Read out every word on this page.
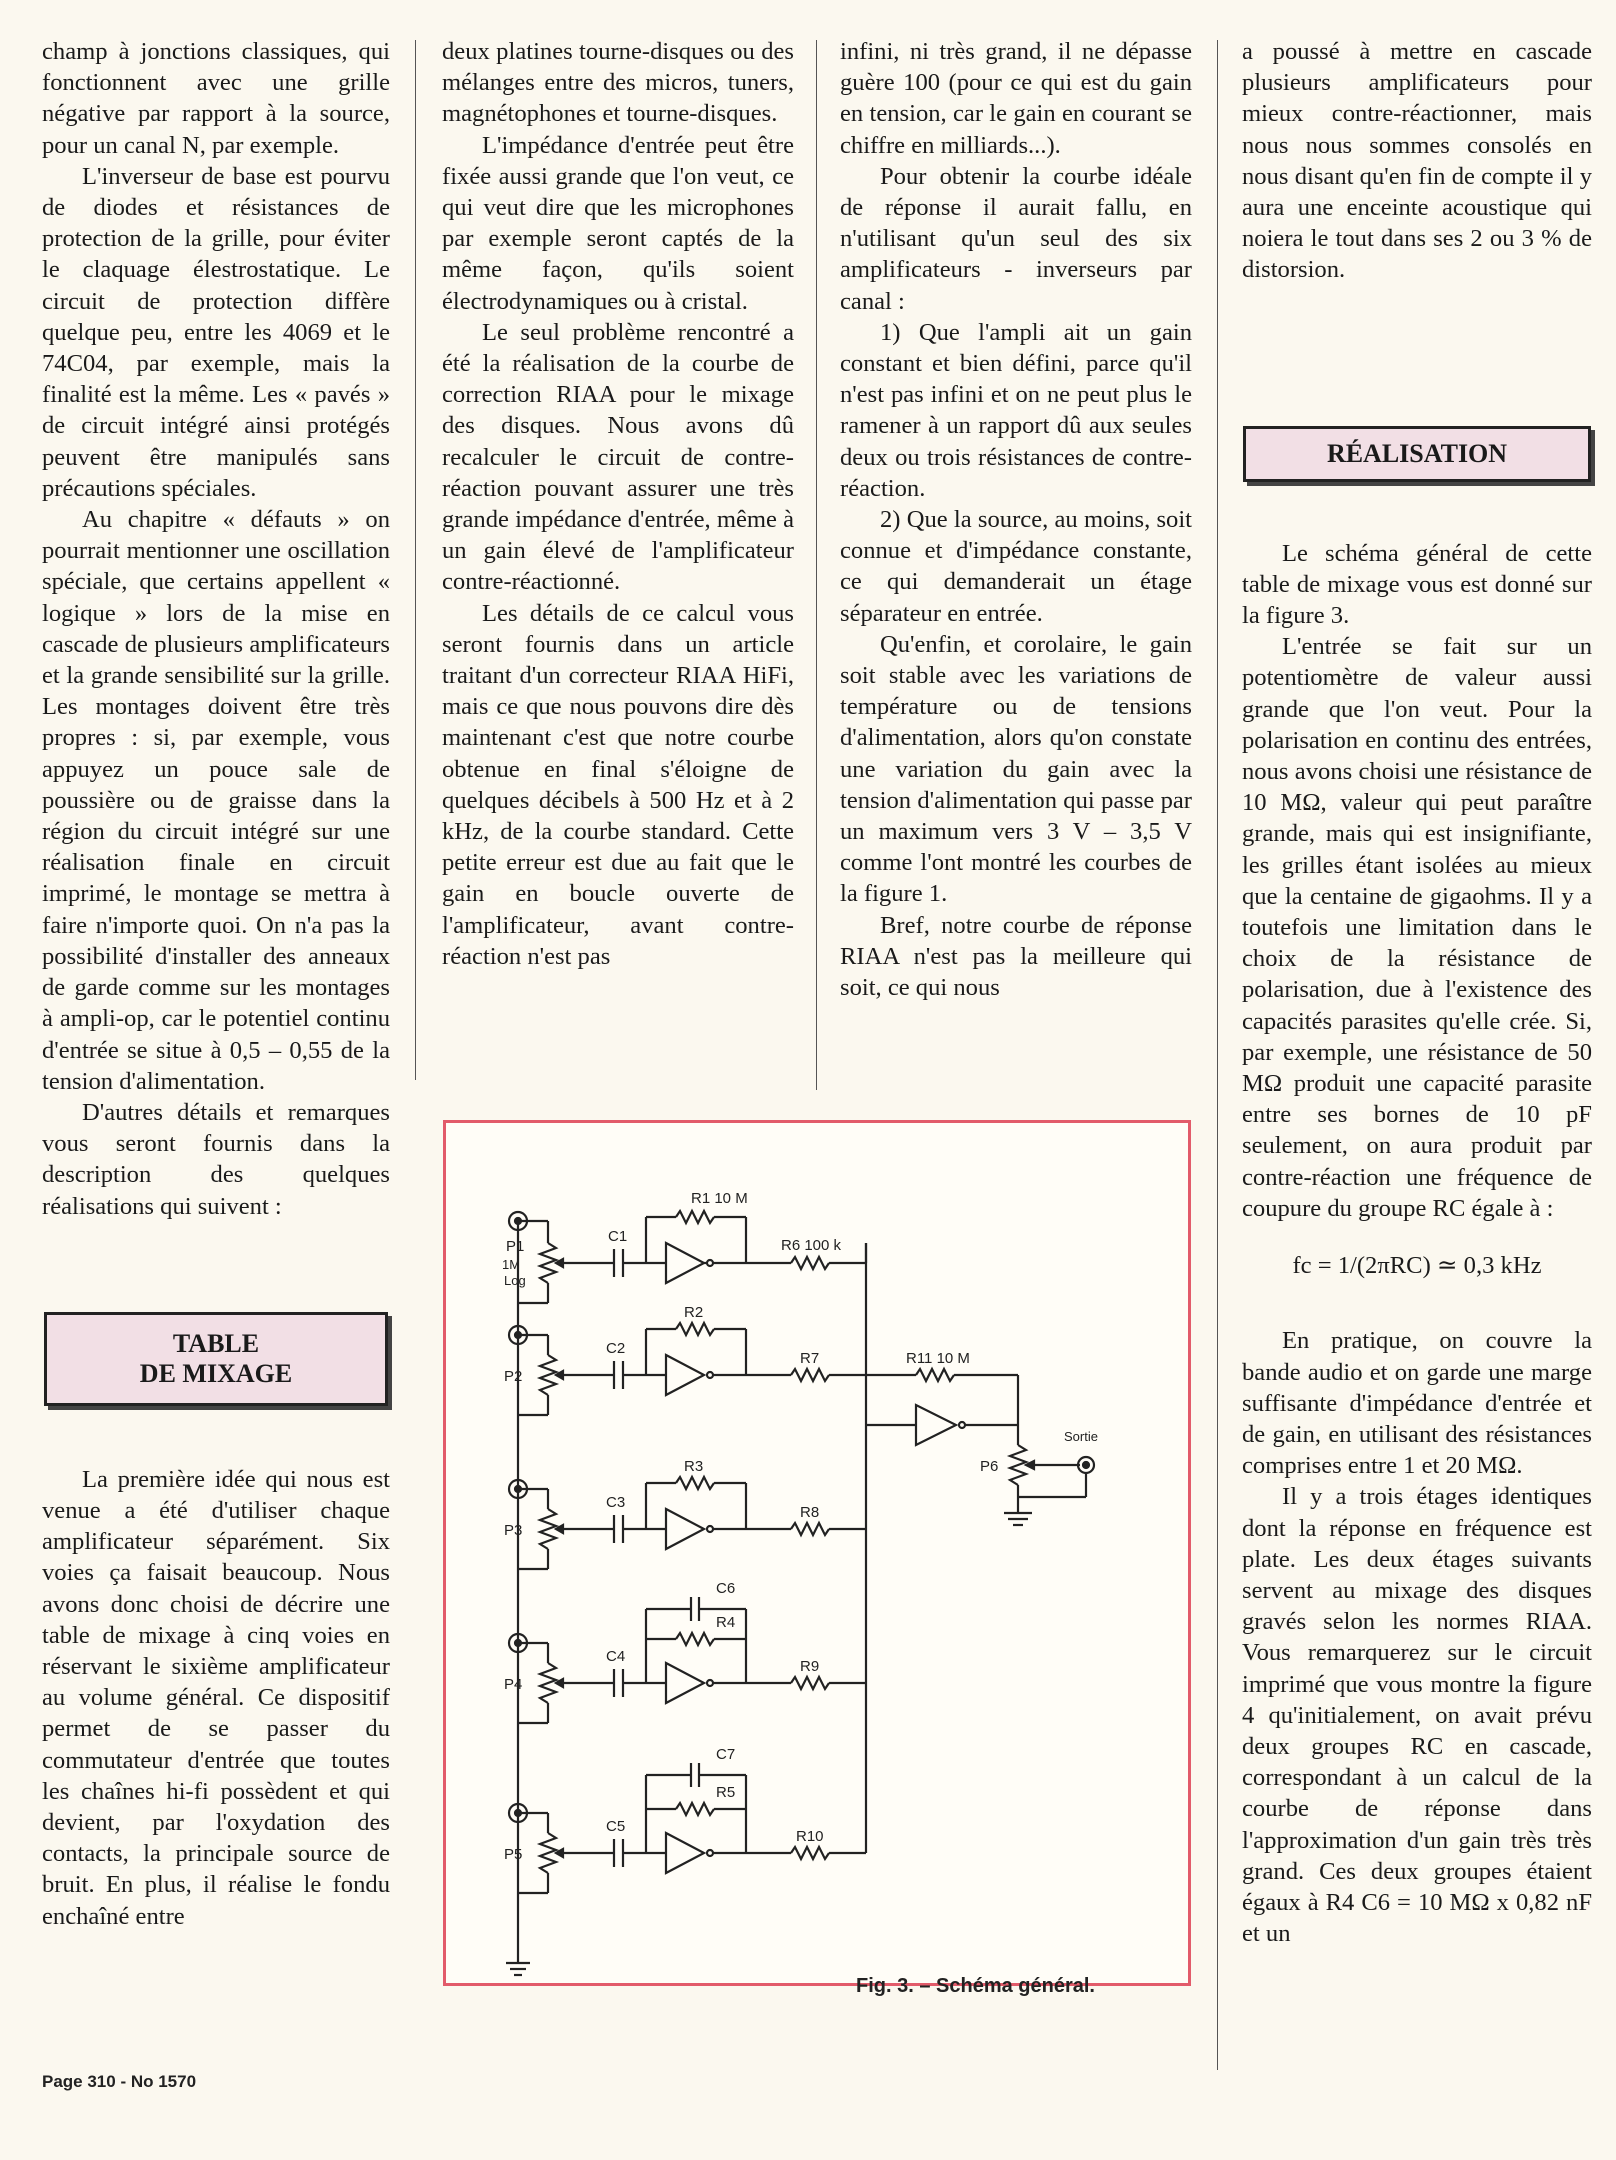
champ à jonctions classiques, qui fonctionnent avec une grille négative par rapport à la source, pour un canal N, par exemple.

L'inverseur de base est pourvu de diodes et résistances de protection de la grille, pour éviter le claquage élestrostatique. Le circuit de protection diffère quelque peu, entre les 4069 et le 74C04, par exemple, mais la finalité est la même. Les « pavés » de circuit intégré ainsi protégés peuvent être manipulés sans précautions spéciales.

Au chapitre « défauts » on pourrait mentionner une oscillation spéciale, que certains appellent « logique » lors de la mise en cascade de plusieurs amplificateurs et la grande sensibilité sur la grille. Les montages doivent être très propres : si, par exemple, vous appuyez un pouce sale de poussière ou de graisse dans la région du circuit intégré sur une réalisation finale en circuit imprimé, le montage se mettra à faire n'importe quoi. On n'a pas la possibilité d'installer des anneaux de garde comme sur les montages à ampli-op, car le potentiel continu d'entrée se situe à 0,5 – 0,55 de la tension d'alimentation.

D'autres détails et remarques vous seront fournis dans la description des quelques réalisations qui suivent :

TABLE
DE MIXAGE

La première idée qui nous est venue a été d'utiliser chaque amplificateur séparément. Six voies ça faisait beaucoup. Nous avons donc choisi de décrire une table de mixage à cinq voies en réservant le sixième amplificateur au volume général. Ce dispositif permet de se passer du commutateur d'entrée que toutes les chaînes hi-fi possèdent et qui devient, par l'oxydation des contacts, la principale source de bruit. En plus, il réalise le fondu enchaîné entre

deux platines tourne-disques ou des mélanges entre des micros, tuners, magnétophones et tourne-disques.

L'impédance d'entrée peut être fixée aussi grande que l'on veut, ce qui veut dire que les microphones par exemple seront captés de la même façon, qu'ils soient électrodynamiques ou à cristal.

Le seul problème rencontré a été la réalisation de la courbe de correction RIAA pour le mixage des disques. Nous avons dû recalculer le circuit de contre-réaction pouvant assurer une très grande impédance d'entrée, même à un gain élevé de l'amplificateur contre-réactionné.

Les détails de ce calcul vous seront fournis dans un article traitant d'un correcteur RIAA HiFi, mais ce que nous pouvons dire dès maintenant c'est que notre courbe obtenue en final s'éloigne de quelques décibels à 500 Hz et à 2 kHz, de la courbe standard. Cette petite erreur est due au fait que le gain en boucle ouverte de l'amplificateur, avant contre-réaction n'est pas

infini, ni très grand, il ne dépasse guère 100 (pour ce qui est du gain en tension, car le gain en courant se chiffre en milliards...).

Pour obtenir la courbe idéale de réponse il aurait fallu, en n'utilisant qu'un seul des six amplificateurs - inverseurs par canal :

1) Que l'ampli ait un gain constant et bien défini, parce qu'il n'est pas infini et on ne peut plus le ramener à un rapport dû aux seules deux ou trois résistances de contre-réaction.

2) Que la source, au moins, soit connue et d'impédance constante, ce qui demanderait un étage séparateur en entrée.

Qu'enfin, et corolaire, le gain soit stable avec les variations de température ou de tensions d'alimentation, alors qu'on constate une variation du gain avec la tension d'alimentation qui passe par un maximum vers 3 V – 3,5 V comme l'ont montré les courbes de la figure 1.

Bref, notre courbe de réponse RIAA n'est pas la meilleure qui soit, ce qui nous

a poussé à mettre en cascade plusieurs amplificateurs pour mieux contre-réactionner, mais nous nous sommes consolés en nous disant qu'en fin de compte il y aura une enceinte acoustique qui noiera le tout dans ses 2 ou 3 % de distorsion.

RÉALISATION

Le schéma général de cette table de mixage vous est donné sur la figure 3.

L'entrée se fait sur un potentiomètre de valeur aussi grande que l'on veut. Pour la polarisation en continu des entrées, nous avons choisi une résistance de 10 MΩ, valeur qui peut paraître grande, mais qui est insignifiante, les grilles étant isolées au mieux que la centaine de gigaohms. Il y a toutefois une limitation dans le choix de la résistance de polarisation, due à l'existence des capacités parasites qu'elle crée. Si, par exemple, une résistance de 50 MΩ produit une capacité parasite entre ses bornes de 10 pF seulement, on aura produit par contre-réaction une fréquence de coupure du groupe RC égale à :

fc = 1/(2πRC) ≃ 0,3 kHz

En pratique, on couvre la bande audio et on garde une marge suffisante d'impédance d'entrée et de gain, en utilisant des résistances comprises entre 1 et 20 MΩ.

Il y a trois étages identiques dont la réponse en fréquence est plate. Les deux étages suivants servent au mixage des disques gravés selon les normes RIAA. Vous remarquerez sur le circuit imprimé que vous montre la figure 4 qu'initialement, on avait prévu deux groupes RC en cascade, correspondant à un calcul de la courbe de réponse dans l'approximation d'un gain très très grand. Ces deux groupes étaient égaux à R4 C6 = 10 MΩ x 0,82 nF et un

R1 10 M
R6 100 k
P1
1M
Log
C1
R2
P2
C2
R7	R11 10 M
R3
P3
C3
R8
P6
Sortie
C6
R4
P4
C4
R9
C7
R5
P5
C5
R10
Fig. 3. – Schéma général.
Page 310 - No 1570
